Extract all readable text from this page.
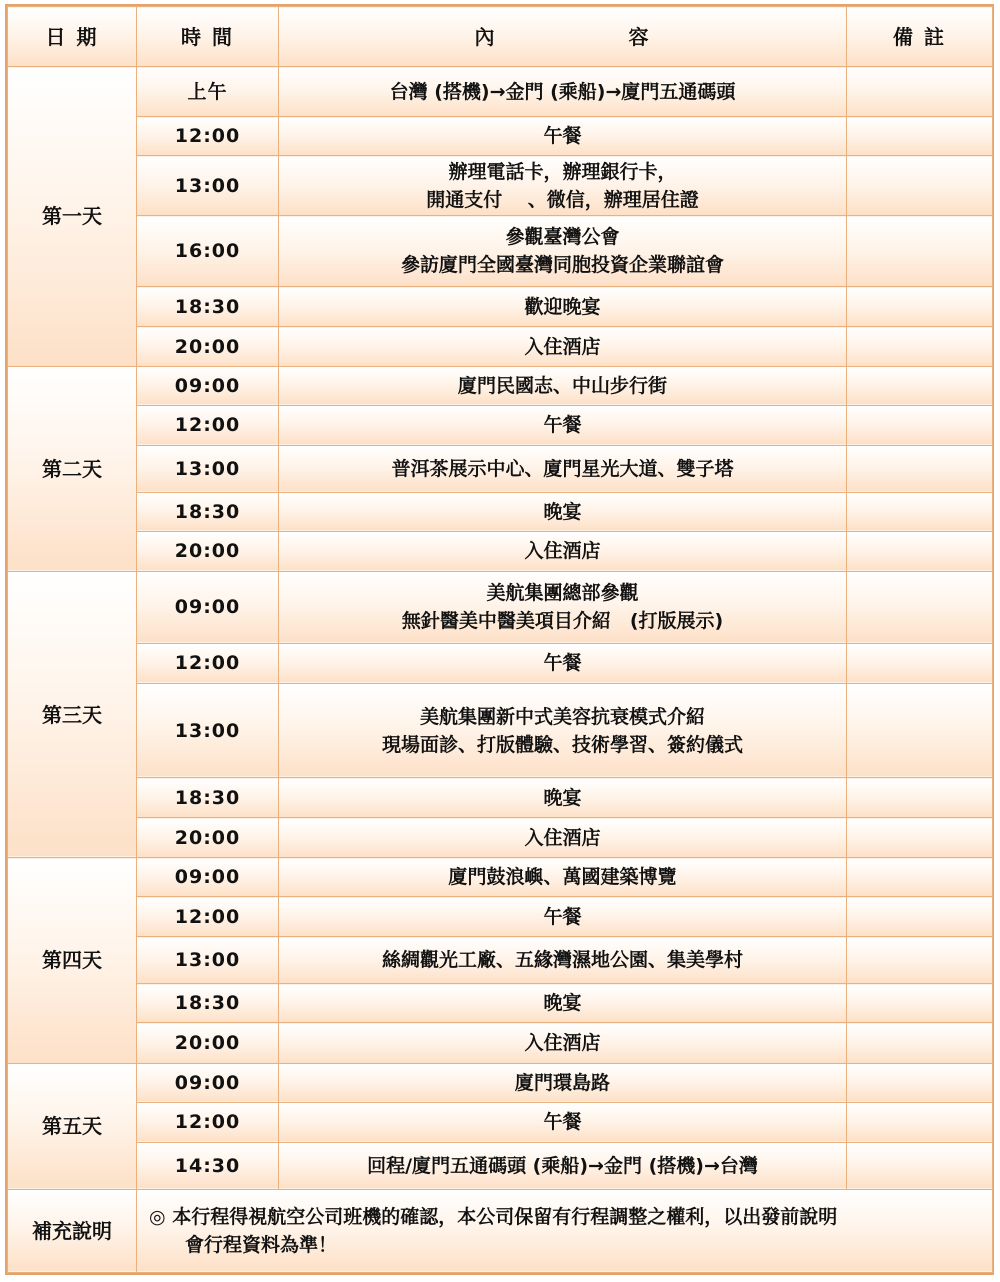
日 期	時 間	內　　　　　　容	備 註
第一天	上午	台灣 (搭機)→金門 (乘船)→廈門五通碼頭	

	12:00	午餐	

	13:00	辦理電話卡，辦理銀行卡，
開通支付　 、微信，辦理居住證	

	16:00	參觀臺灣公會
參訪廈門全國臺灣同胞投資企業聯誼會	

	18:30	歡迎晚宴	

	20:00	入住酒店	

第二天	09:00	廈門民國志、中山步行街	

	12:00	午餐	

	13:00	普洱茶展示中心、廈門星光大道、雙子塔	

	18:30	晚宴	

	20:00	入住酒店	

第三天	09:00	美航集團總部參觀
無針醫美中醫美項目介紹　(打版展示)	

	12:00	午餐	

	13:00	美航集團新中式美容抗衰模式介紹
現場面診、打版體驗、技術學習、簽約儀式	

	18:30	晚宴	

	20:00	入住酒店	

第四天	09:00	廈門鼓浪嶼、萬國建築博覽	

	12:00	午餐	

	13:00	絲綢觀光工廠、五緣灣濕地公園、集美學村	

	18:30	晚宴	

	20:00	入住酒店	

第五天	09:00	廈門環島路	

	12:00	午餐	

	14:30	回程/廈門五通碼頭 (乘船)→金門 (搭機)→台灣	

補充說明	◎ 本行程得視航空公司班機的確認，本公司保留有行程調整之權利，以出發前說明
會行程資料為準！		
